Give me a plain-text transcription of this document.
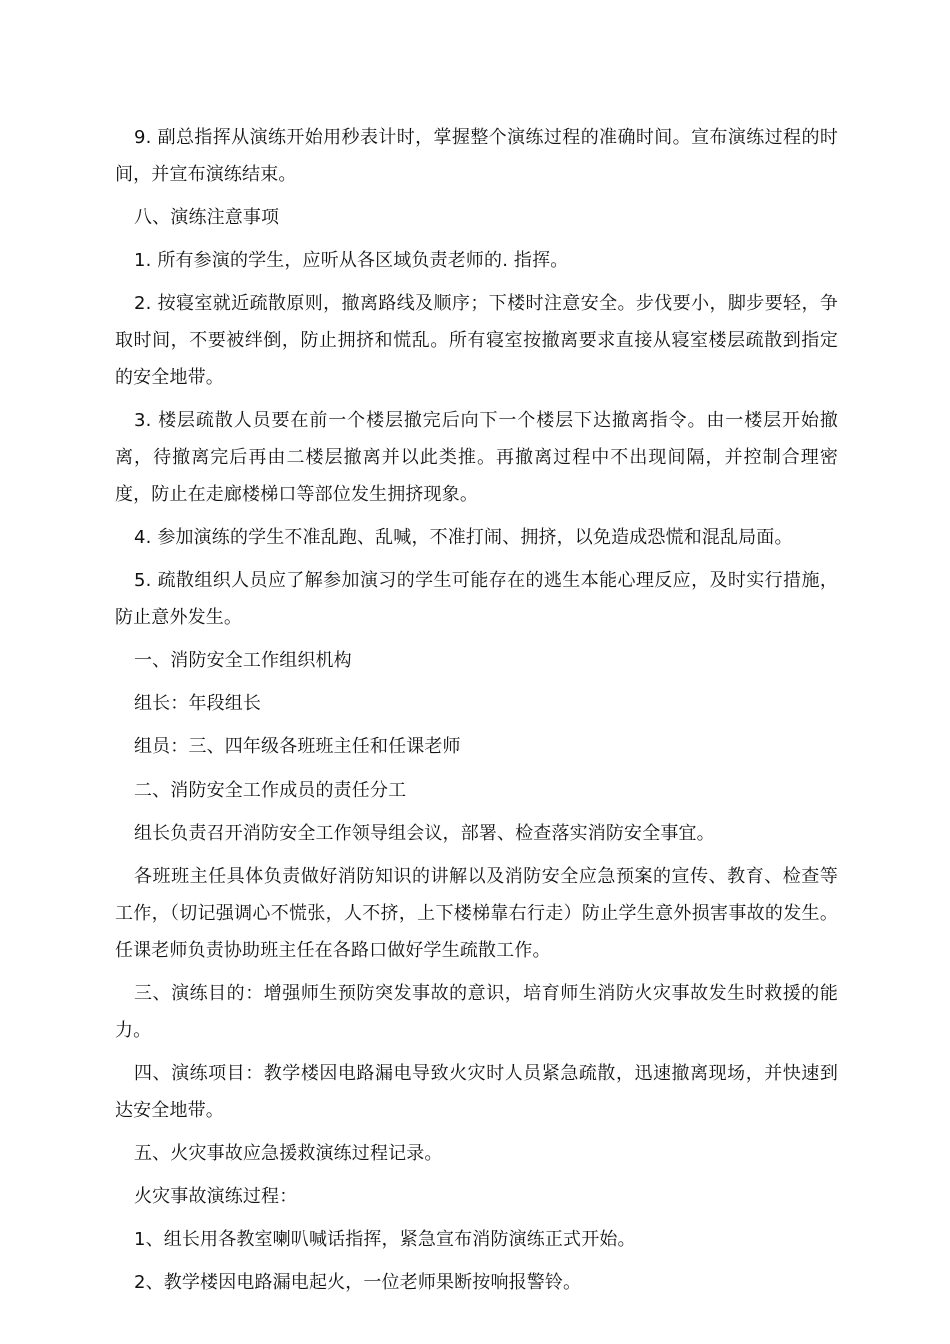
9. 副总指挥从演练开始用秒表计时，掌握整个演练过程的准确时间。宣布演练过程的时间，并宣布演练结束。

八、演练注意事项

1. 所有参演的学生，应听从各区域负责老师的. 指挥。

2. 按寝室就近疏散原则，撤离路线及顺序；下楼时注意安全。步伐要小，脚步要轻，争取时间，不要被绊倒，防止拥挤和慌乱。所有寝室按撤离要求直接从寝室楼层疏散到指定的安全地带。

3. 楼层疏散人员要在前一个楼层撤完后向下一个楼层下达撤离指令。由一楼层开始撤离，待撤离完后再由二楼层撤离并以此类推。再撤离过程中不出现间隔，并控制合理密度，防止在走廊楼梯口等部位发生拥挤现象。

4. 参加演练的学生不准乱跑、乱喊，不准打闹、拥挤，以免造成恐慌和混乱局面。

5. 疏散组织人员应了解参加演习的学生可能存在的逃生本能心理反应，及时实行措施，防止意外发生。

一、消防安全工作组织机构

组长：年段组长

组员：三、四年级各班班主任和任课老师

二、消防安全工作成员的责任分工

组长负责召开消防安全工作领导组会议，部署、检查落实消防安全事宜。

各班班主任具体负责做好消防知识的讲解以及消防安全应急预案的宣传、教育、检查等工作，（切记强调心不慌张，人不挤，上下楼梯靠右行走）防止学生意外损害事故的发生。任课老师负责协助班主任在各路口做好学生疏散工作。

三、演练目的：增强师生预防突发事故的意识，培育师生消防火灾事故发生时救援的能力。

四、演练项目：教学楼因电路漏电导致火灾时人员紧急疏散，迅速撤离现场，并快速到达安全地带。

五、火灾事故应急援救演练过程记录。

火灾事故演练过程：

1、组长用各教室喇叭喊话指挥，紧急宣布消防演练正式开始。

2、教学楼因电路漏电起火，一位老师果断按响报警铃。
